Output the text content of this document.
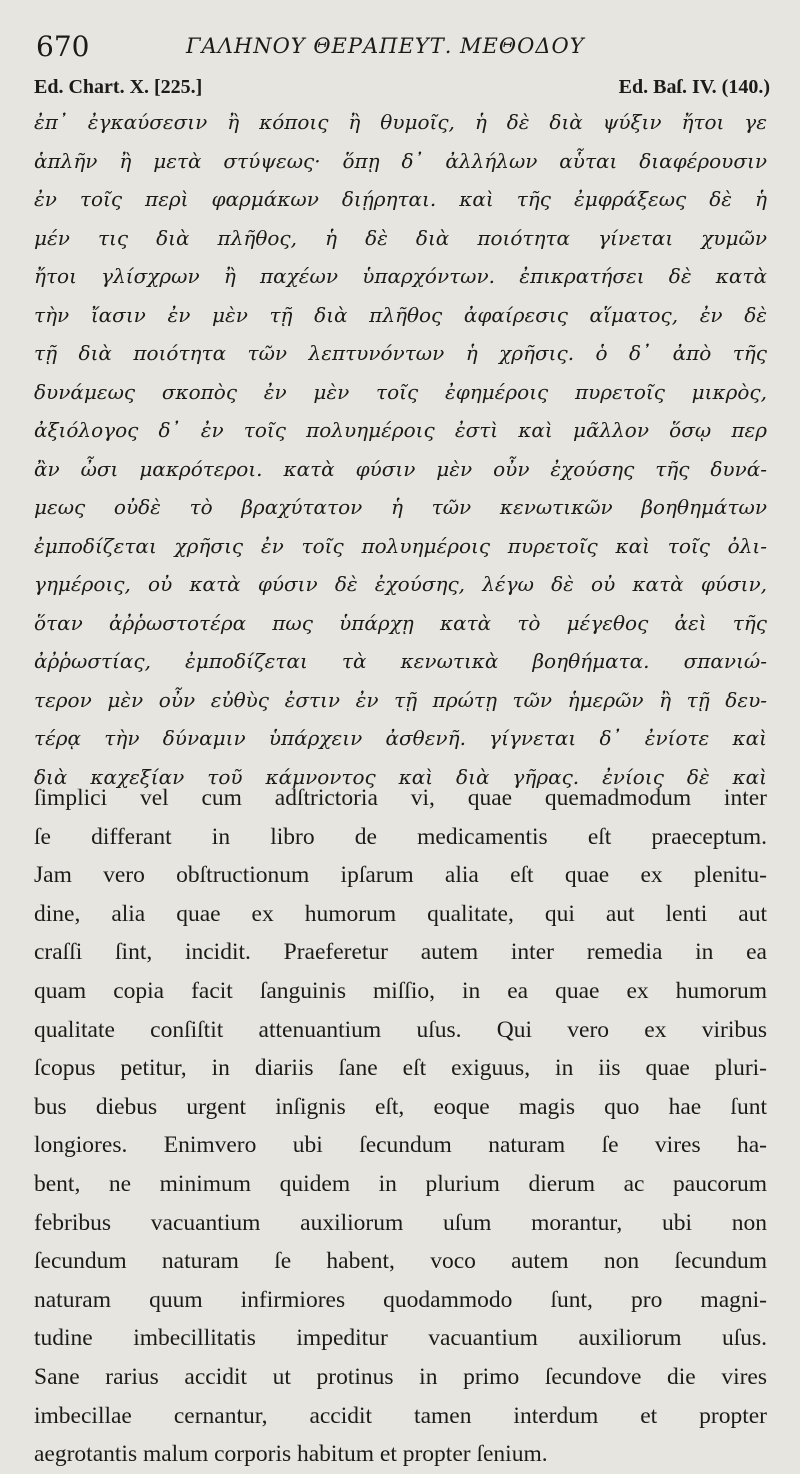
670	ΓΑΛΗΝΟΥ ΘΕΡΑΠΕΥΤ. ΜΕΘΟΔΟΥ
Ed. Chart. X. [225.]	Ed. Baſ. IV. (140.)
ἐπ᾽ ἐγκαύσεσιν ἢ κόποις ἢ θυμοῖς, ἡ δὲ διὰ ψύξιν ἤτοι γε
ἁπλῆν ἢ μετὰ στύψεως· ὅπῃ δ᾽ ἀλλήλων αὗται διαφέρουσιν
ἐν τοῖς περὶ φαρμάκων διῄρηται. καὶ τῆς ἐμφράξεως δὲ ἡ
μέν τις διὰ πλῆθος, ἡ δὲ διὰ ποιότητα γίνεται χυμῶν
ἤτοι γλίσχρων ἢ παχέων ὑπαρχόντων. ἐπικρατήσει δὲ κατὰ
τὴν ἴασιν ἐν μὲν τῇ διὰ πλῆθος ἀφαίρεσις αἵματος, ἐν δὲ
τῇ διὰ ποιότητα τῶν λεπτυνόντων ἡ χρῆσις. ὁ δ᾽ ἀπὸ τῆς
δυνάμεως σκοπὸς ἐν μὲν τοῖς ἐφημέροις πυρετοῖς μικρὸς,
ἀξιόλογος δ᾽ ἐν τοῖς πολυημέροις ἐστὶ καὶ μᾶλλον ὅσῳ περ
ἂν ὦσι μακρότεροι. κατὰ φύσιν μὲν οὖν ἐχούσης τῆς δυνά-
μεως οὐδὲ τὸ βραχύτατον ἡ τῶν κενωτικῶν βοηθημάτων
ἐμποδίζεται χρῆσις ἐν τοῖς πολυημέροις πυρετοῖς καὶ τοῖς ὀλι-
γημέροις, οὐ κατὰ φύσιν δὲ ἐχούσης, λέγω δὲ οὐ κατὰ φύσιν,
ὅταν ἀῤῥωστοτέρα πως ὑπάρχῃ κατὰ τὸ μέγεθος ἀεὶ τῆς
ἀῤῥωστίας, ἐμποδίζεται τὰ κενωτικὰ βοηθήματα. σπανιώ-
τερον μὲν οὖν εὐθὺς ἐστιν ἐν τῇ πρώτῃ τῶν ἡμερῶν ἢ τῇ δευ-
τέρᾳ τὴν δύναμιν ὑπάρχειν ἀσθενῆ. γίγνεται δ᾽ ἐνίοτε καὶ
διὰ καχεξίαν τοῦ κάμνοντος καὶ διὰ γῆρας. ἐνίοις δὲ καὶ
ſimplici vel cum adſtrictoria vi, quae quemadmodum inter
ſe differant in libro de medicamentis eſt praeceptum.
Jam vero obſtructionum ipſarum alia eſt quae ex plenitu-
dine, alia quae ex humorum qualitate, qui aut lenti aut
craſſi ſint, incidit. Praeferetur autem inter remedia in ea
quam copia facit ſanguinis miſſio, in ea quae ex humorum
qualitate conſiſtit attenuantium uſus. Qui vero ex viribus
ſcopus petitur, in diariis ſane eſt exiguus, in iis quae pluri-
bus diebus urgent inſignis eſt, eoque magis quo hae ſunt
longiores. Enimvero ubi ſecundum naturam ſe vires ha-
bent, ne minimum quidem in plurium dierum ac paucorum
febribus vacuantium auxiliorum uſum morantur, ubi non
ſecundum naturam ſe habent, voco autem non ſecundum
naturam quum infirmiores quodammodo ſunt, pro magni-
tudine imbecillitatis impeditur vacuantium auxiliorum uſus.
Sane rarius accidit ut protinus in primo ſecundove die vires
imbecillae cernantur, accidit tamen interdum et propter
aegrotantis malum corporis habitum et propter ſenium.
